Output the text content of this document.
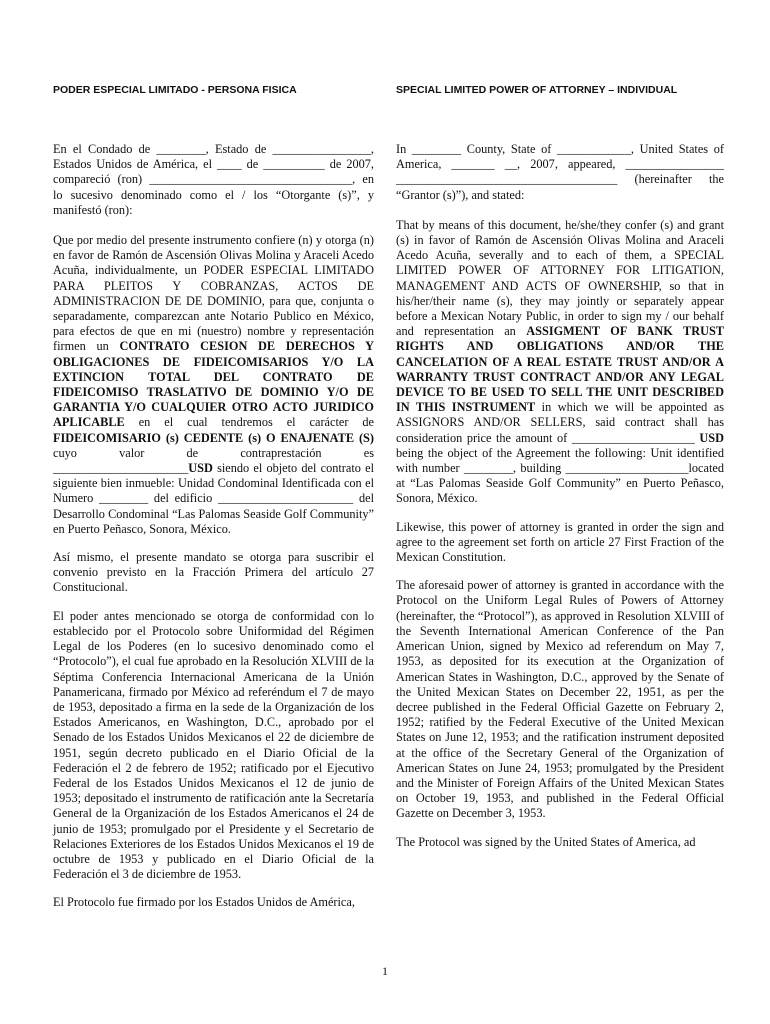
PODER ESPECIAL LIMITADO - PERSONA FISICA	SPECIAL LIMITED POWER OF ATTORNEY – INDIVIDUAL

En el Condado de ________, Estado de ________________, Estados Unidos de América, el ____ de __________ de 2007, compareció (ron) _________________________________, en lo sucesivo denominado como el / los “Otorgante (s)”, y manifestó (ron):

Que por medio del presente instrumento confiere (n) y otorga (n) en favor de Ramón de Ascensión Olivas Molina y Araceli Acedo Acuña, individualmente, un PODER ESPECIAL LIMITADO PARA PLEITOS Y COBRANZAS, ACTOS DE ADMINISTRACION DE DE DOMINIO, para que, conjunta o separadamente, comparezcan ante Notario Publico en México, para efectos de que en mi (nuestro) nombre y representación firmen un CONTRATO CESION DE DERECHOS Y OBLIGACIONES DE FIDEICOMISARIOS Y/O LA EXTINCION TOTAL DEL CONTRATO DE FIDEICOMISO TRASLATIVO DE DOMINIO Y/O DE GARANTIA Y/O CUALQUIER OTRO ACTO JURIDICO APLICABLE en el cual tendremos el carácter de FIDEICOMISARIO (s) CEDENTE (s) O ENAJENATE (S) cuyo valor de contraprestación es ______________________USD siendo el objeto del contrato el siguiente bien inmueble: Unidad Condominal Identificada con el Numero ________ del edificio ______________________ del Desarrollo Condominal “Las Palomas Seaside Golf Community” en Puerto Peñasco, Sonora, México.

Así mismo, el presente mandato se otorga para suscribir el convenio previsto en la Fracción Primera del artículo 27 Constitucional.

El poder antes mencionado se otorga de conformidad con lo establecido por el Protocolo sobre Uniformidad del Régimen Legal de los Poderes (en lo sucesivo denominado como el “Protocolo”), el cual fue aprobado en la Resolución XLVIII de la Séptima Conferencia Internacional Americana de la Unión Panamericana, firmado por México ad referéndum el 7 de mayo de 1953, depositado a firma en la sede de la Organización de los Estados Americanos, en Washington, D.C., aprobado por el Senado de los Estados Unidos Mexicanos el 22 de diciembre de 1951, según decreto publicado en el Diario Oficial de la Federación el 2 de febrero de 1952; ratificado por el Ejecutivo Federal de los Estados Unidos Mexicanos el 12 de junio de 1953; depositado el instrumento de ratificación ante la Secretaría General de la Organización de los Estados Americanos el 24 de junio de 1953; promulgado por el Presidente y el Secretario de Relaciones Exteriores de los Estados Unidos Mexicanos el 19 de octubre de 1953 y publicado en el Diario Oficial de la Federación el 3 de diciembre de 1953.

El Protocolo fue firmado por los Estados Unidos de América,

In ________ County, State of ____________, United States of America, _______ __, 2007, appeared, ________________ ____________________________________ (hereinafter the “Grantor (s)”), and stated:

That by means of this document, he/she/they confer (s) and grant (s) in favor of Ramón de Ascensión Olivas Molina and Araceli Acedo Acuña, severally and to each of them, a SPECIAL LIMITED POWER OF ATTORNEY FOR LITIGATION, MANAGEMENT AND ACTS OF OWNERSHIP, so that in his/her/their name (s), they may jointly or separately appear before a Mexican Notary Public, in order to sign my / our behalf and representation an ASSIGMENT OF BANK TRUST RIGHTS AND OBLIGATIONS AND/OR THE CANCELATION OF A REAL ESTATE TRUST AND/OR A WARRANTY TRUST CONTRACT AND/OR ANY LEGAL DEVICE TO BE USED TO SELL THE UNIT DESCRIBED IN THIS INSTRUMENT in which we will be appointed as ASSIGNORS AND/OR SELLERS, said contract shall has consideration price the amount of ____________________ USD being the object of the Agreement the following: Unit identified with number ________, building ____________________located at “Las Palomas Seaside Golf Community” en Puerto Peñasco, Sonora, México.

Likewise, this power of attorney is granted in order the sign and agree to the agreement set forth on article 27 First Fraction of the Mexican Constitution.

The aforesaid power of attorney is granted in accordance with the Protocol on the Uniform Legal Rules of Powers of Attorney (hereinafter, the “Protocol”), as approved in Resolution XLVIII of the Seventh International American Conference of the Pan American Union, signed by Mexico ad referendum on May 7, 1953, as deposited for its execution at the Organization of American States in Washington, D.C., approved by the Senate of the United Mexican States on December 22, 1951, as per the decree published in the Federal Official Gazette on February 2, 1952; ratified by the Federal Executive of the United Mexican States on June 12, 1953; and the ratification instrument deposited at the office of the Secretary General of the Organization of American States on June 24, 1953; promulgated by the President and the Minister of Foreign Affairs of the United Mexican States on October 19, 1953, and published in the Federal Official Gazette on December 3, 1953.

The Protocol was signed by the United States of America, ad

1
